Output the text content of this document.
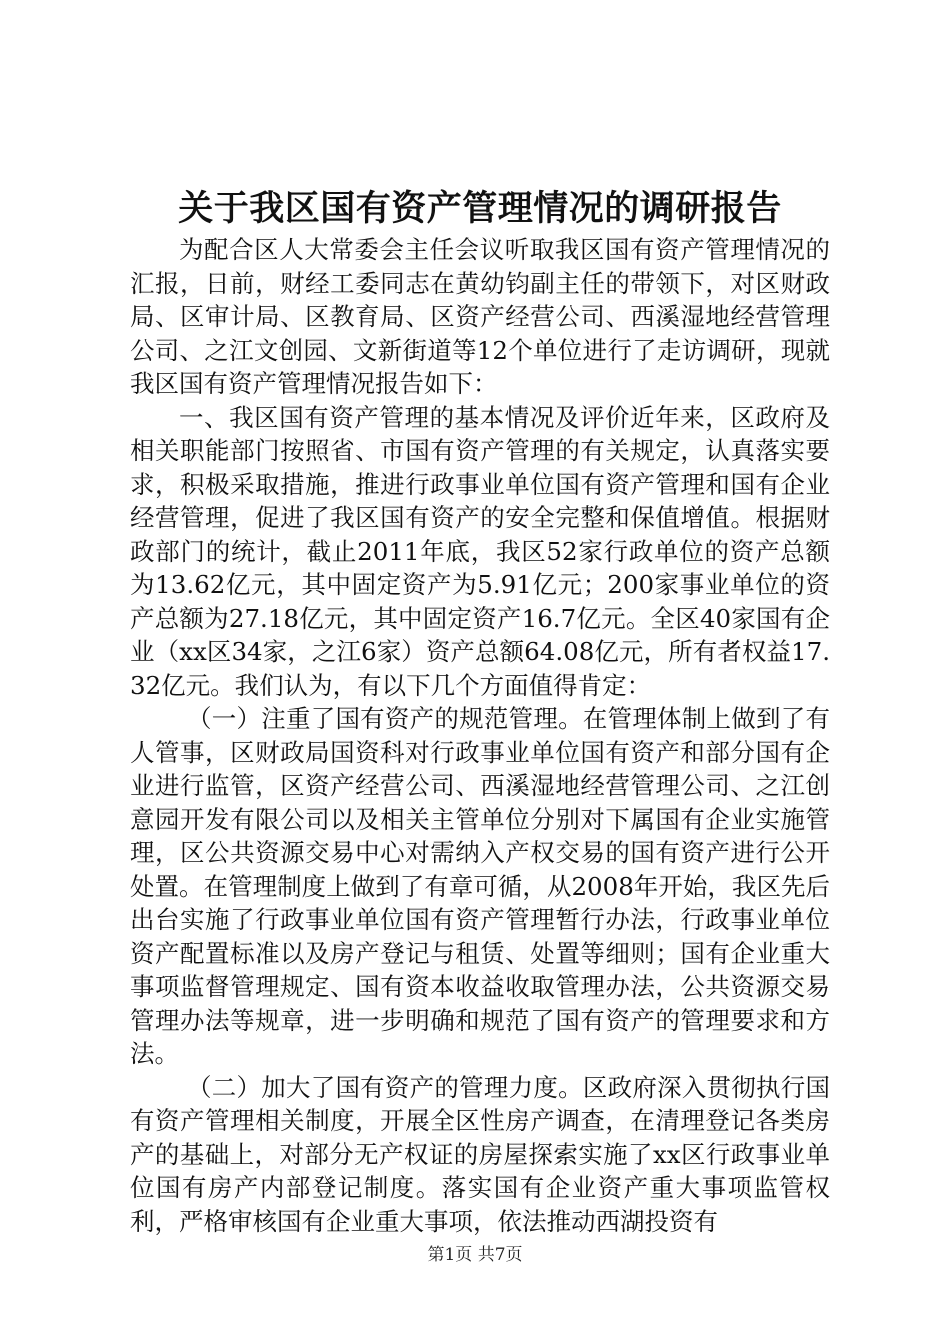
关于我区国有资产管理情况的调研报告

为配合区人大常委会主任会议听取我区国有资产管理情况的汇报，日前，财经工委同志在黄幼钧副主任的带领下，对区财政局、区审计局、区教育局、区资产经营公司、西溪湿地经营管理公司、之江文创园、文新街道等12个单位进行了走访调研，现就我区国有资产管理情况报告如下：

一、我区国有资产管理的基本情况及评价近年来，区政府及相关职能部门按照省、市国有资产管理的有关规定，认真落实要求，积极采取措施，推进行政事业单位国有资产管理和国有企业经营管理，促进了我区国有资产的安全完整和保值增值。根据财政部门的统计，截止2011年底，我区52家行政单位的资产总额为13.62亿元，其中固定资产为5.91亿元；200家事业单位的资产总额为27.18亿元，其中固定资产16.7亿元。全区40家国有企业（xx区34家，之江6家）资产总额64.08亿元，所有者权益17.32亿元。我们认为，有以下几个方面值得肯定：

（一）注重了国有资产的规范管理。在管理体制上做到了有人管事，区财政局国资科对行政事业单位国有资产和部分国有企业进行监管，区资产经营公司、西溪湿地经营管理公司、之江创意园开发有限公司以及相关主管单位分别对下属国有企业实施管理，区公共资源交易中心对需纳入产权交易的国有资产进行公开处置。在管理制度上做到了有章可循，从2008年开始，我区先后出台实施了行政事业单位国有资产管理暂行办法，行政事业单位资产配置标准以及房产登记与租赁、处置等细则；国有企业重大事项监督管理规定、国有资本收益收取管理办法，公共资源交易管理办法等规章，进一步明确和规范了国有资产的管理要求和方法。

（二）加大了国有资产的管理力度。区政府深入贯彻执行国有资产管理相关制度，开展全区性房产调查，在清理登记各类房产的基础上，对部分无产权证的房屋探索实施了xx区行政事业单位国有房产内部登记制度。落实国有企业资产重大事项监管权利，严格审核国有企业重大事项，依法推动西湖投资有

第1页 共7页
